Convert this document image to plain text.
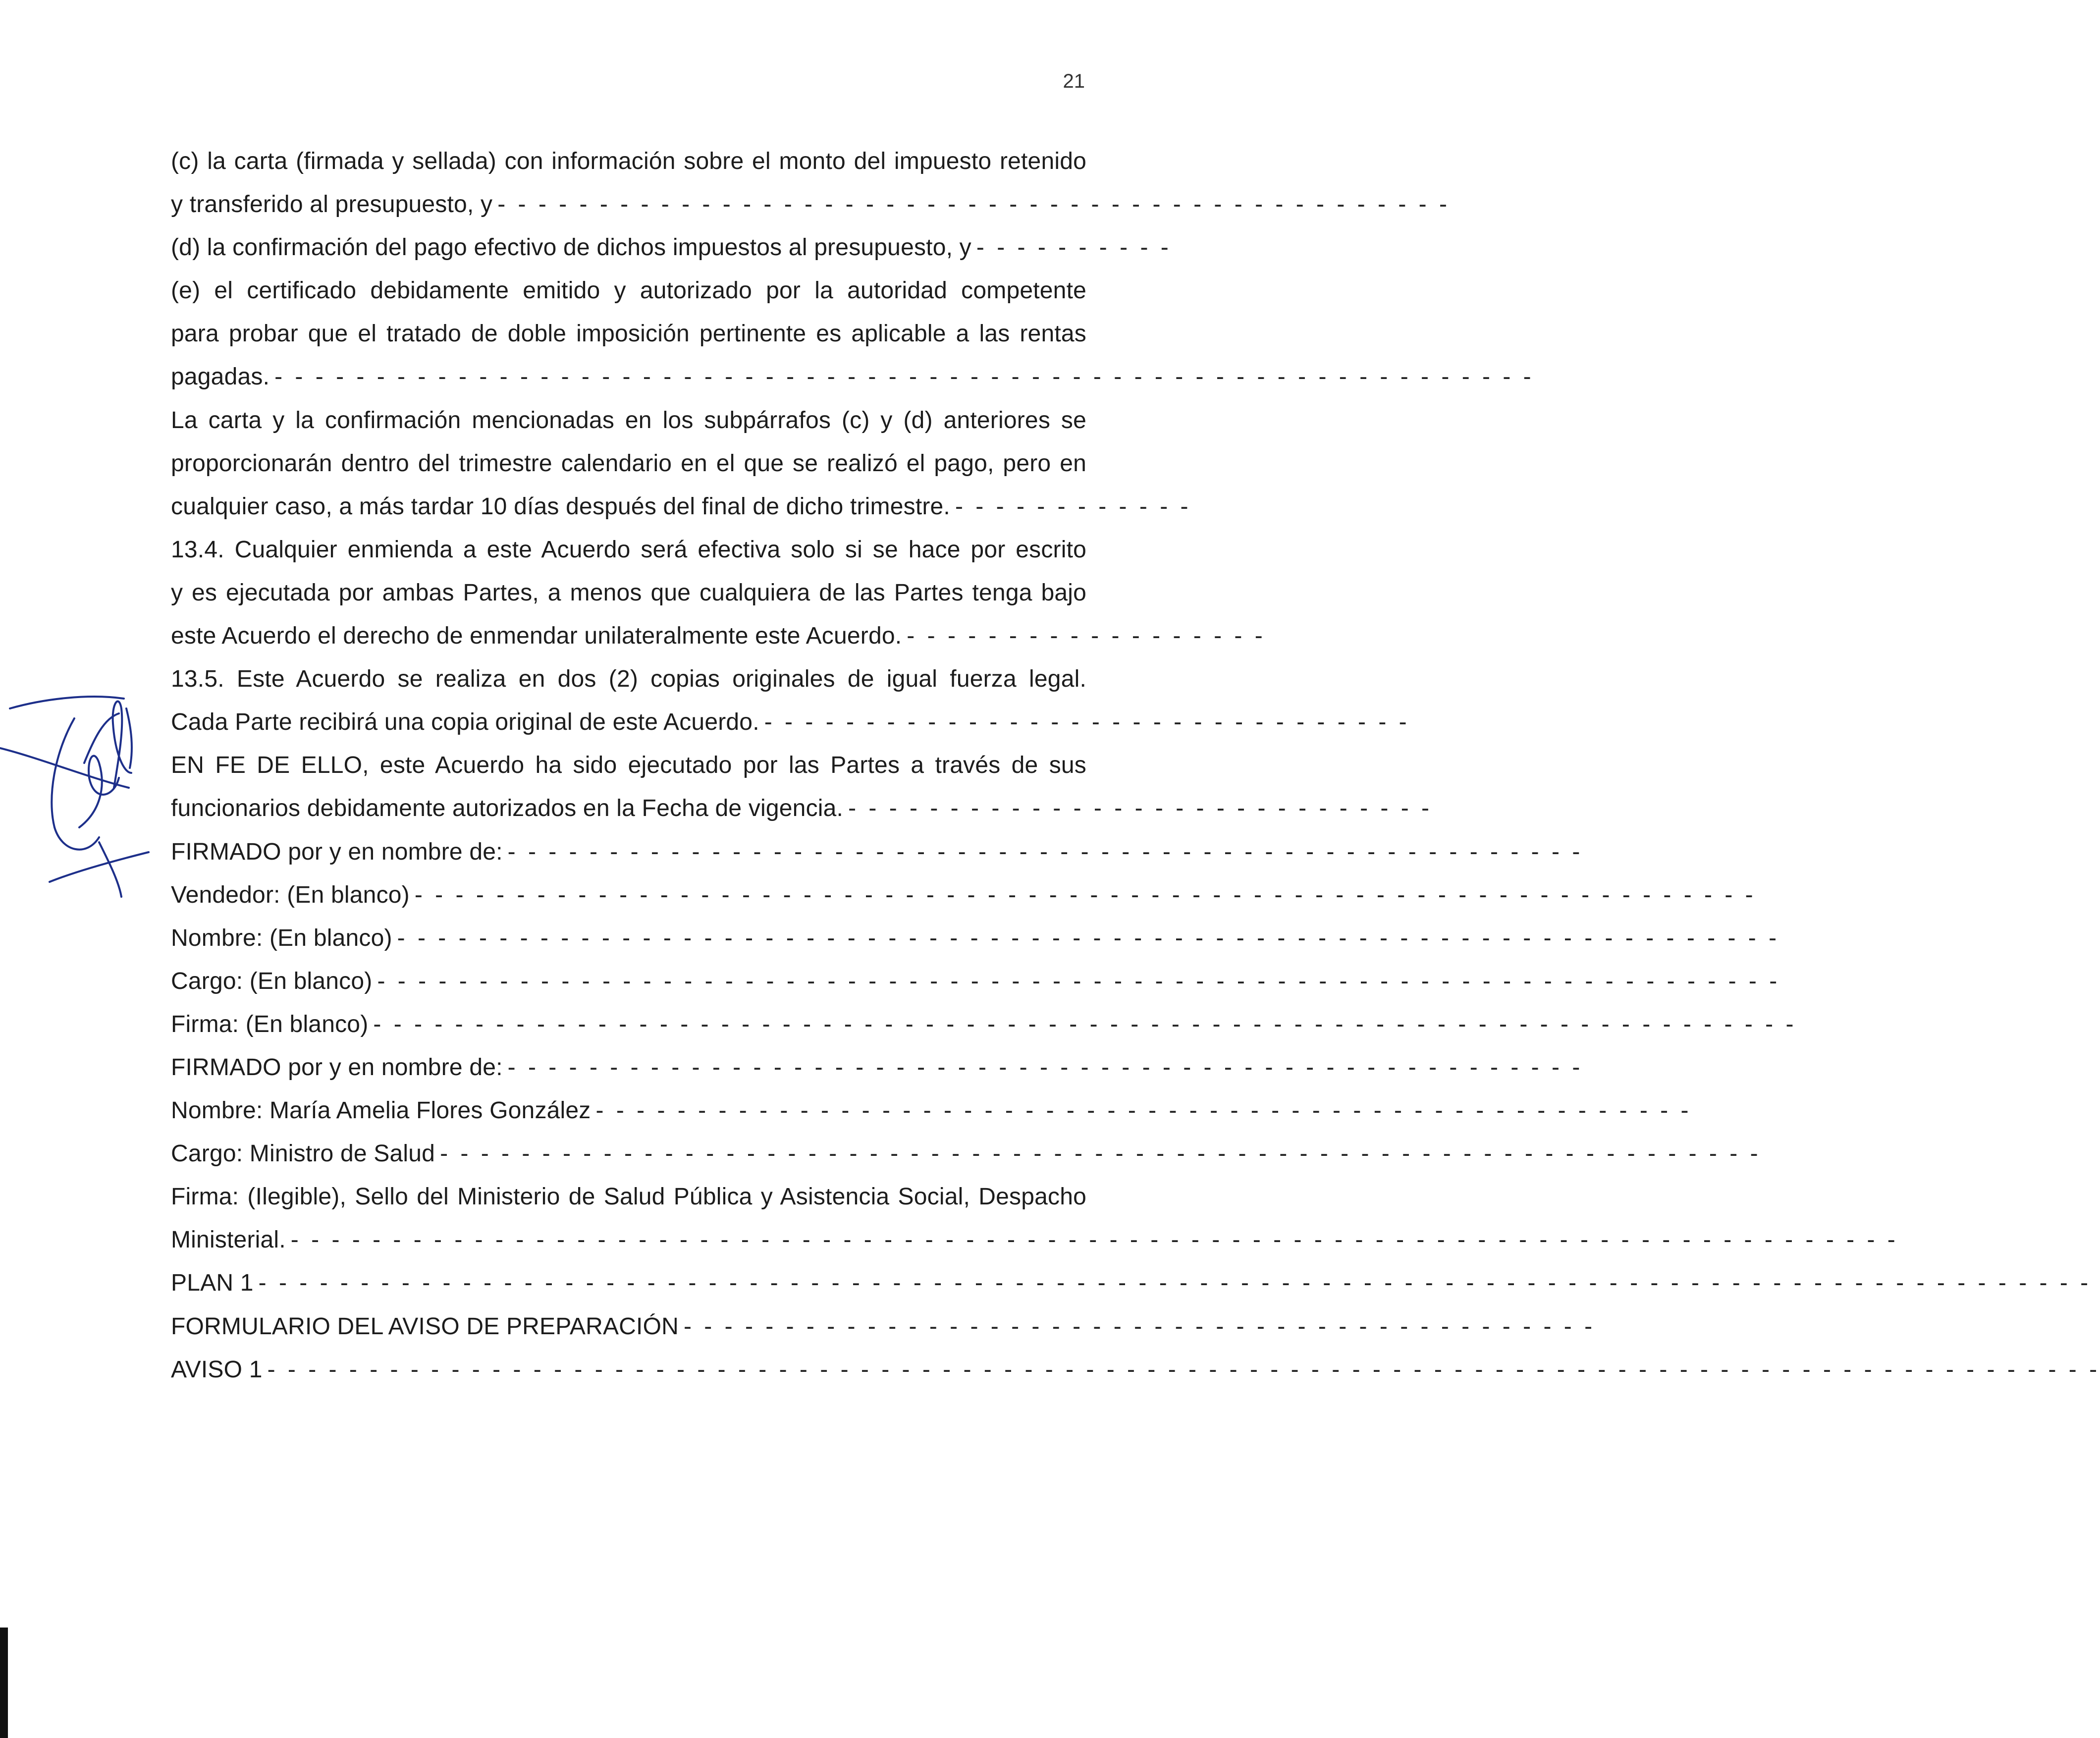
21
(c) la carta (firmada y sellada) con información sobre el monto del impuesto retenido
y transferido al presupuesto, y - - - - - - - - - - - - - - - - - - - - - - - - - - - - - - - - - - - - - - - - - - - - - - -
(d) la confirmación del pago efectivo de dichos impuestos al presupuesto, y - - - - - - - - - -
(e) el certificado debidamente emitido y autorizado por la autoridad competente
para probar que el tratado de doble imposición pertinente es aplicable a las rentas
pagadas. - - - - - - - - - - - - - - - - - - - - - - - - - - - - - - - - - - - - - - - - - - - - - - - - - - - - - - - - - - - - - -
La carta y la confirmación mencionadas en los subpárrafos (c) y (d) anteriores se
proporcionarán dentro del trimestre calendario en el que se realizó el pago, pero en
cualquier caso, a más tardar 10 días después del final de dicho trimestre. - - - - - - - - - - - -
13.4. Cualquier enmienda a este Acuerdo será efectiva solo si se hace por escrito
y es ejecutada por ambas Partes, a menos que cualquiera de las Partes tenga bajo
este Acuerdo el derecho de enmendar unilateralmente este Acuerdo. - - - - - - - - - - - - - - - - - -
13.5. Este Acuerdo se realiza en dos (2) copias originales de igual fuerza legal.
Cada Parte recibirá una copia original de este Acuerdo. - - - - - - - - - - - - - - - - - - - - - - - - - - - - - - - -
EN FE DE ELLO, este Acuerdo ha sido ejecutado por las Partes a través de sus
funcionarios debidamente autorizados en la Fecha de vigencia. - - - - - - - - - - - - - - - - - - - - - - - - - - - - -
FIRMADO por y en nombre de: - - - - - - - - - - - - - - - - - - - - - - - - - - - - - - - - - - - - - - - - - - - - - - - - - - - - -
Vendedor: (En blanco) - - - - - - - - - - - - - - - - - - - - - - - - - - - - - - - - - - - - - - - - - - - - - - - - - - - - - - - - - - - - - - - - - -
Nombre: (En blanco) - - - - - - - - - - - - - - - - - - - - - - - - - - - - - - - - - - - - - - - - - - - - - - - - - - - - - - - - - - - - - - - - - - - -
Cargo: (En blanco) - - - - - - - - - - - - - - - - - - - - - - - - - - - - - - - - - - - - - - - - - - - - - - - - - - - - - - - - - - - - - - - - - - - - -
Firma: (En blanco) - - - - - - - - - - - - - - - - - - - - - - - - - - - - - - - - - - - - - - - - - - - - - - - - - - - - - - - - - - - - - - - - - - - - - -
FIRMADO por y en nombre de: - - - - - - - - - - - - - - - - - - - - - - - - - - - - - - - - - - - - - - - - - - - - - - - - - - - - -
Nombre: María Amelia Flores González - - - - - - - - - - - - - - - - - - - - - - - - - - - - - - - - - - - - - - - - - - - - - - - - - - - - - -
Cargo: Ministro de Salud - - - - - - - - - - - - - - - - - - - - - - - - - - - - - - - - - - - - - - - - - - - - - - - - - - - - - - - - - - - - - - - - -
Firma: (Ilegible), Sello del Ministerio de Salud Pública y Asistencia Social, Despacho
Ministerial. - - - - - - - - - - - - - - - - - - - - - - - - - - - - - - - - - - - - - - - - - - - - - - - - - - - - - - - - - - - - - - - - - - - - - - - - - - - - - - -
PLAN 1 - - - - - - - - - - - - - - - - - - - - - - - - - - - - - - - - - - - - - - - - - - - - - - - - - - - - - - - - - - - - - - - - - - - - - - - - - - - - - - - - - - - - - - - - - -
FORMULARIO DEL AVISO DE PREPARACIÓN - - - - - - - - - - - - - - - - - - - - - - - - - - - - - - - - - - - - - - - - - - - - -
AVISO 1 - - - - - - - - - - - - - - - - - - - - - - - - - - - - - - - - - - - - - - - - - - - - - - - - - - - - - - - - - - - - - - - - - - - - - - - - - - - - - - - - - - - - - - - - - -
